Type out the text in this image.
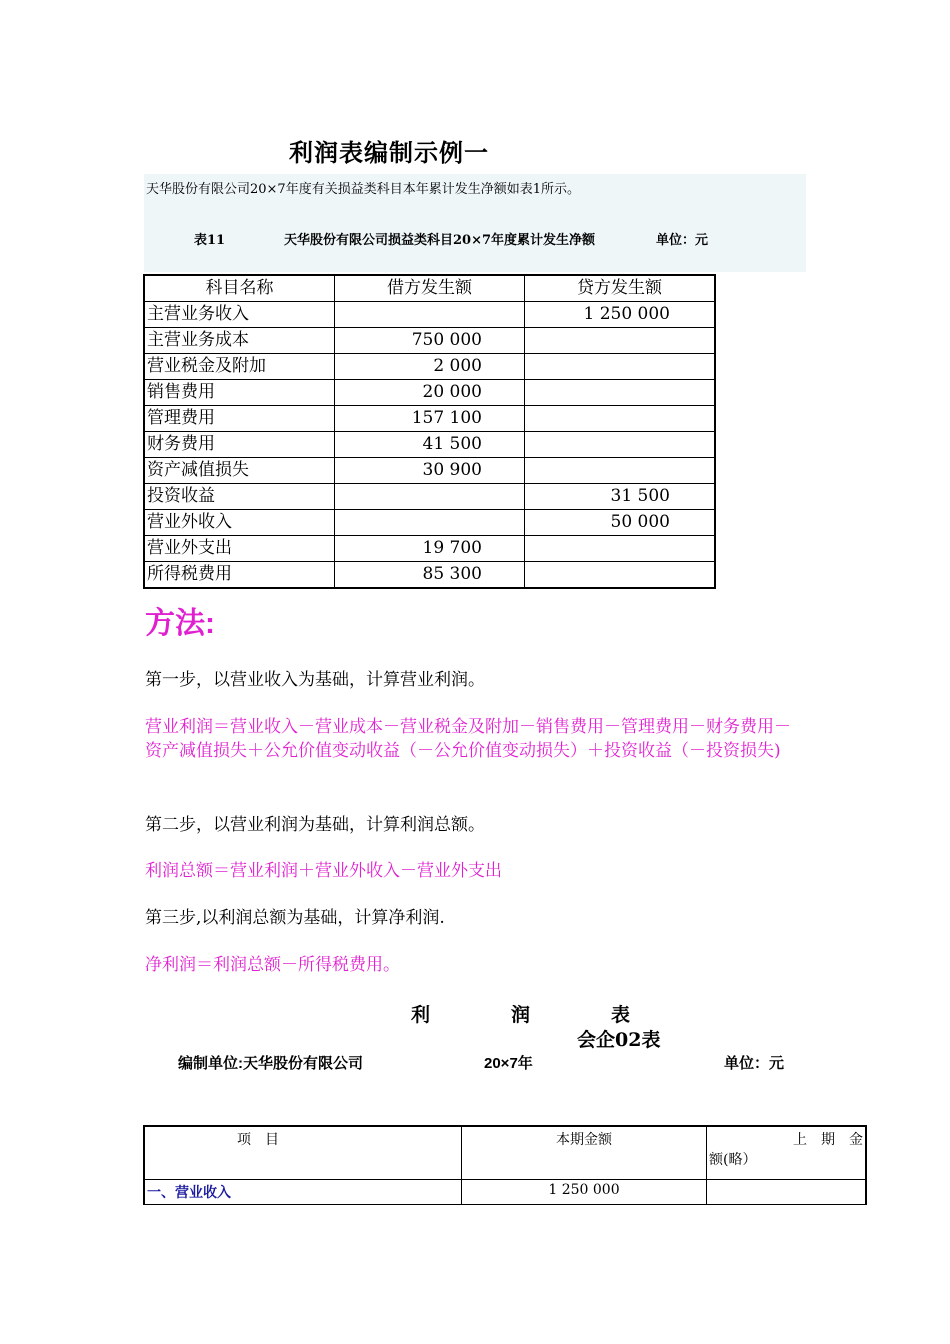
利润表编制示例一
天华股份有限公司20×7年度有关损益类科目本年累计发生净额如表1所示。
表11	天华股份有限公司损益类科目20×7年度累计发生净额	单位：元
科目名称	借方发生额	贷方发生额
主营业务收入		1 250 000
主营业务成本	750 000	
营业税金及附加	2 000	
销售费用	20 000	
管理费用	157 100	
财务费用	41 500	
资产减值损失	30 900	
投资收益		31 500
营业外收入		50 000
营业外支出	19 700	
所得税费用	85 300	
方法:
第一步，以营业收入为基础，计算营业利润。
营业利润＝营业收入－营业成本－营业税金及附加－销售费用－管理费用－财务费用－资产减值损失＋公允价值变动收益（－公允价值变动损失）＋投资收益（－投资损失)
第二步，以营业利润为基础，计算利润总额。
利润总额＝营业利润＋营业外收入－营业外支出
第三步,以利润总额为基础，计算净利润.
净利润＝利润总额－所得税费用。
利	润	表
会企02表
编制单位:天华股份有限公司	20×7年	单位：元
项　目	本期金额	上　期　金
额(略）

一、营业收入	1 250 000	
